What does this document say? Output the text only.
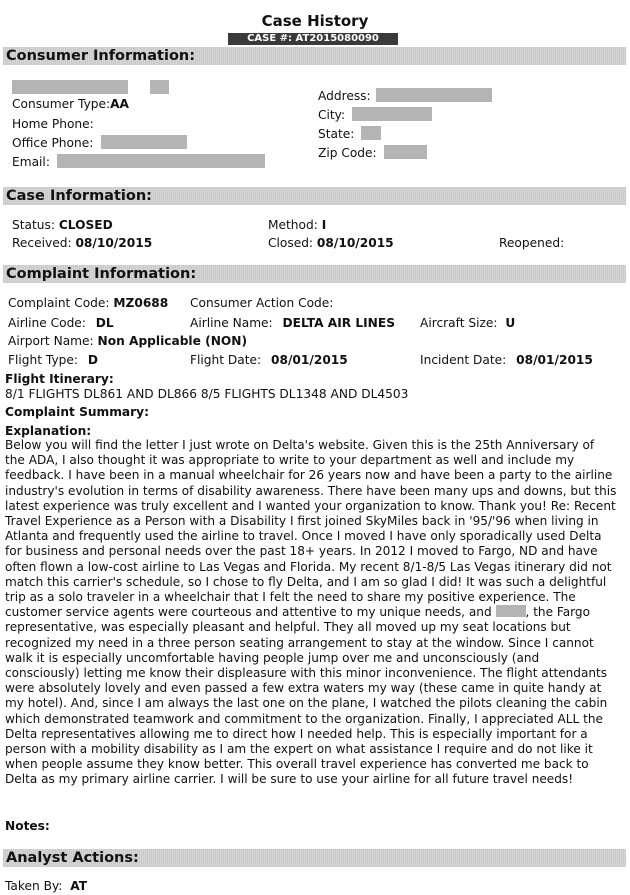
Case History
CASE #: AT2015080090
Consumer Information:
Consumer Type:AA
Home Phone:
Office Phone:
Email:
Address:
City:
State:
Zip Code:
Case Information:
Status: CLOSED
Received: 08/10/2015
Method: I
Closed: 08/10/2015	Reopened:
Complaint Information:
Complaint Code: MZ0688 Consumer Action Code:
Airline Code: DL	Airline Name: DELTA AIR LINES Aircraft Size: U
Airport Name: Non Applicable (NON)
Flight Type: D	Flight Date: 08/01/2015	Incident Date: 08/01/2015
Flight Itinerary:
8/1 FLIGHTS DL861 AND DL866 8/5 FLIGHTS DL1348 AND DL4503
Complaint Summary:
Explanation:

Below you will find the letter I just wrote on Delta's website. Given this is the 25th Anniversary of the ADA, I also thought it was appropriate to write to your department as well and include my feedback. I have been in a manual wheelchair for 26 years now and have been a party to the airline industry's evolution in terms of disability awareness. There have been many ups and downs, but this latest experience was truly excellent and I wanted your organization to know. Thank you! Re: Recent Travel Experience as a Person with a Disability I first joined SkyMiles back in '95/'96 when living in Atlanta and frequently used the airline to travel. Once I moved I have only sporadically used Delta for business and personal needs over the past 18+ years. In 2012 I moved to Fargo, ND and have often flown a low-cost airline to Las Vegas and Florida. My recent 8/1-8/5 Las Vegas itinerary did not match this carrier's schedule, so I chose to fly Delta, and I am so glad I did! It was such a delightful trip as a solo traveler in a wheelchair that I felt the need to share my positive experience. The customer service agents were courteous and attentive to my unique needs, and	, the Fargo representative, was especially pleasant and helpful. They all moved up my seat locations but recognized my need in a three person seating arrangement to stay at the window. Since I cannot walk it is especially uncomfortable having people jump over me and unconsciously (and consciously) letting me know their displeasure with this minor inconvenience. The flight attendants were absolutely lovely and even passed a few extra waters my way (these came in quite handy at my hotel). And, since I am always the last one on the plane, I watched the pilots cleaning the cabin which demonstrated teamwork and commitment to the organization. Finally, I appreciated ALL the Delta representatives allowing me to direct how I needed help. This is especially important for a person with a mobility disability as I am the expert on what assistance I require and do not like it when people assume they know better. This overall travel experience has converted me back to Delta as my primary airline carrier. I will be sure to use your airline for all future travel needs!

Notes:
Analyst Actions:
Taken By: AT
